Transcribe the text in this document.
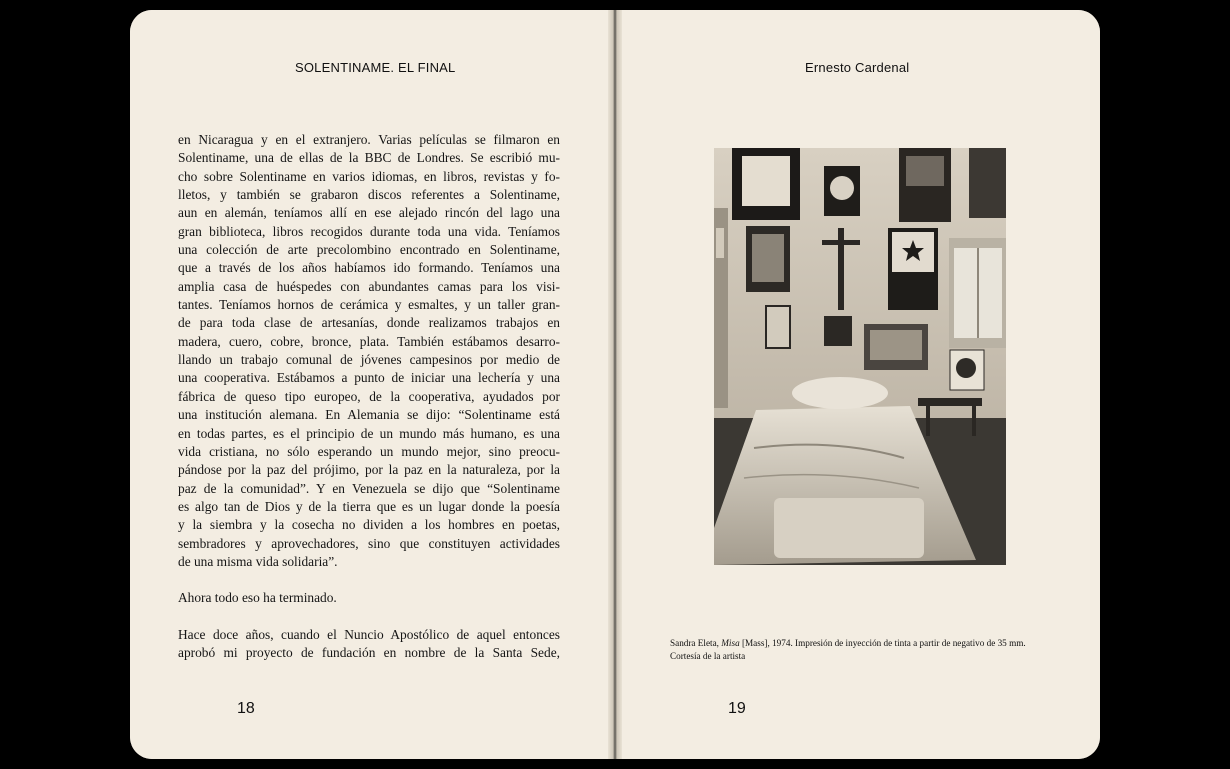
SOLENTINAME. EL FINAL
en Nicaragua y en el extranjero. Varias películas se filmaron en
Solentiname, una de ellas de la BBC de Londres. Se escribió mu-
cho sobre Solentiname en varios idiomas, en libros, revistas y fo-
lletos, y también se grabaron discos referentes a Solentiname,
aun en alemán, teníamos allí en ese alejado rincón del lago una
gran biblioteca, libros recogidos durante toda una vida. Teníamos
una colección de arte precolombino encontrado en Solentiname,
que a través de los años habíamos ido formando. Teníamos una
amplia casa de huéspedes con abundantes camas para los visi-
tantes. Teníamos hornos de cerámica y esmaltes, y un taller gran-
de para toda clase de artesanías, donde realizamos trabajos en
madera, cuero, cobre, bronce, plata. También estábamos desarro-
llando un trabajo comunal de jóvenes campesinos por medio de
una cooperativa. Estábamos a punto de iniciar una lechería y una
fábrica de queso tipo europeo, de la cooperativa, ayudados por
una institución alemana. En Alemania se dijo: “Solentiname está
en todas partes, es el principio de un mundo más humano, es una
vida cristiana, no sólo esperando un mundo mejor, sino preocu-
pándose por la paz del prójimo, por la paz en la naturaleza, por la
paz de la comunidad”. Y en Venezuela se dijo que “Solentiname
es algo tan de Dios y de la tierra que es un lugar donde la poesía
y la siembra y la cosecha no dividen a los hombres en poetas,
sembradores y aprovechadores, sino que constituyen actividades
de una misma vida solidaria”.
Ahora todo eso ha terminado.
Hace doce años, cuando el Nuncio Apostólico de aquel entonces
aprobó mi proyecto de fundación en nombre de la Santa Sede,
18
Ernesto Cardenal
Sandra Eleta, Misa [Mass], 1974. Impresión de inyección de tinta a partir de negativo de 35 mm. Cortesía de la artista
19
